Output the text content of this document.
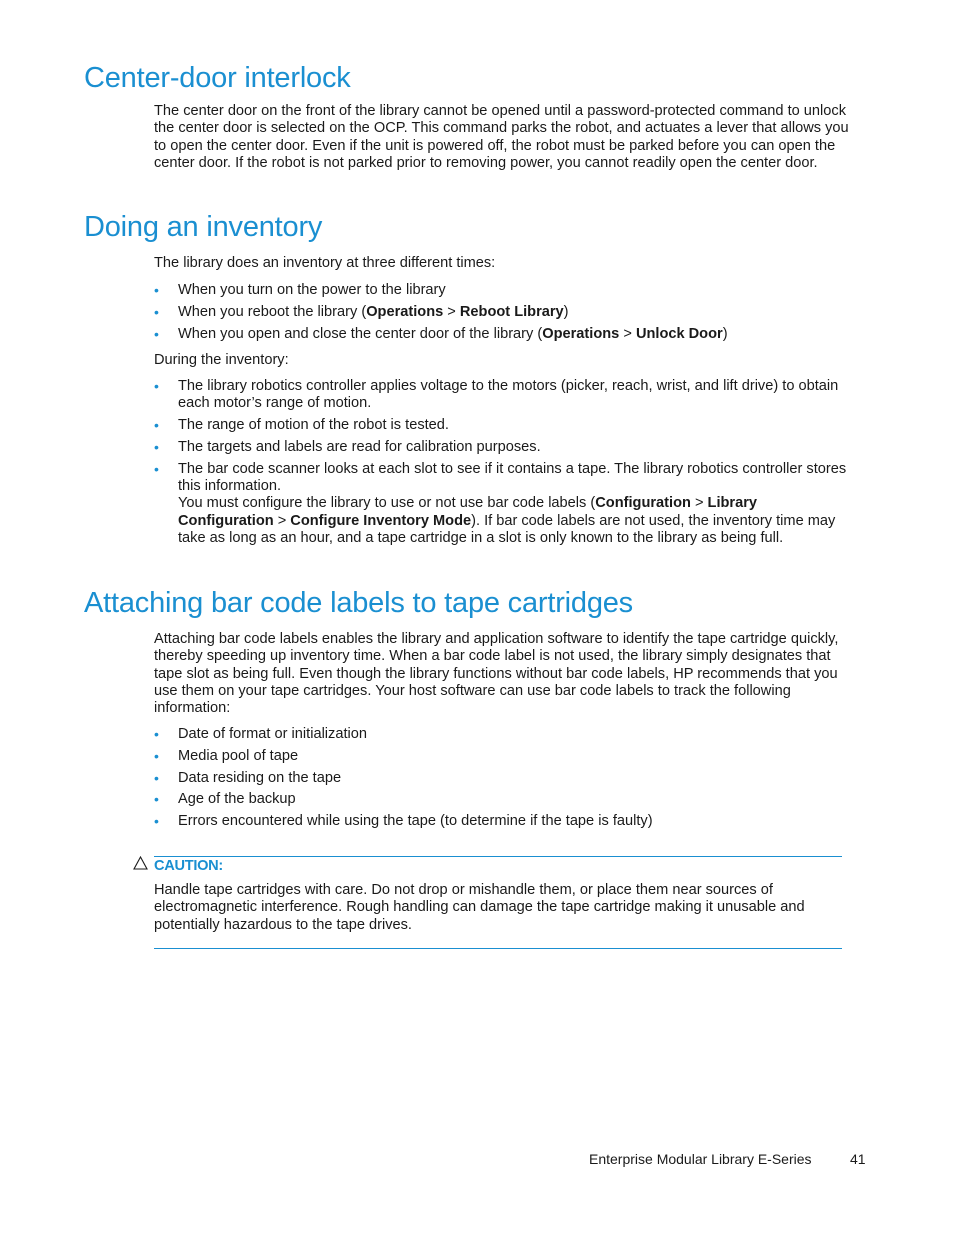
Center-door interlock

The center door on the front of the library cannot be opened until a password-protected command to unlock the center door is selected on the OCP. This command parks the robot, and actuates a lever that allows you to open the center door. Even if the unit is powered off, the robot must be parked before you can open the center door. If the robot is not parked prior to removing power, you cannot readily open the center door.

Doing an inventory

The library does an inventory at three different times:

• When you turn on the power to the library
• When you reboot the library (Operations > Reboot Library)
• When you open and close the center door of the library (Operations > Unlock Door)

During the inventory:

• The library robotics controller applies voltage to the motors (picker, reach, wrist, and lift drive) to obtain each motor’s range of motion.
• The range of motion of the robot is tested.
• The targets and labels are read for calibration purposes.
• The bar code scanner looks at each slot to see if it contains a tape. The library robotics controller stores this information.
You must configure the library to use or not use bar code labels (Configuration > Library Configuration > Configure Inventory Mode). If bar code labels are not used, the inventory time may take as long as an hour, and a tape cartridge in a slot is only known to the library as being full.
Attaching bar code labels to tape cartridges

Attaching bar code labels enables the library and application software to identify the tape cartridge quickly, thereby speeding up inventory time. When a bar code label is not used, the library simply designates that tape slot as being full. Even though the library functions without bar code labels, HP recommends that you use them on your tape cartridges. Your host software can use bar code labels to track the following information:

• Date of format or initialization
• Media pool of tape
• Data residing on the tape
• Age of the backup
• Errors encountered while using the tape (to determine if the tape is faulty)

CAUTION:

Handle tape cartridges with care. Do not drop or mishandle them, or place them near sources of electromagnetic interference. Rough handling can damage the tape cartridge making it unusable and potentially hazardous to the tape drives.

Enterprise Modular Library E-Series	41
